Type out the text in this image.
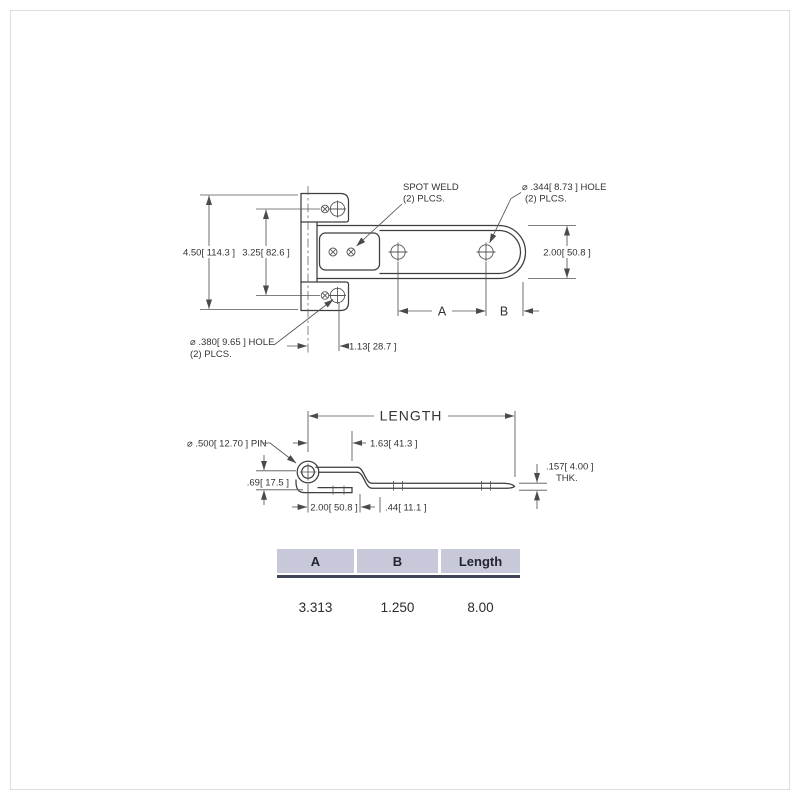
4.50[ 114.3 ] 3.25[ 82.6 ]	2.00[ 50.8 ]
A	B
1.13[ 28.7 ]
SPOT WELD
(2) PLCS.
⌀ .344[ 8.73 ] HOLE
(2) PLCS.
⌀ .380[ 9.65 ] HOLE
(2) PLCS.
LENGTH
⌀ .500[ 12.70 ] PIN	1.63[ 41.3 ]
.69[ 17.5 ]
2.00[ 50.8 ]	.44[ 11.1 ]
.157[ 4.00 ]
THK.
A	B	Length
3.313	1.250	8.00
